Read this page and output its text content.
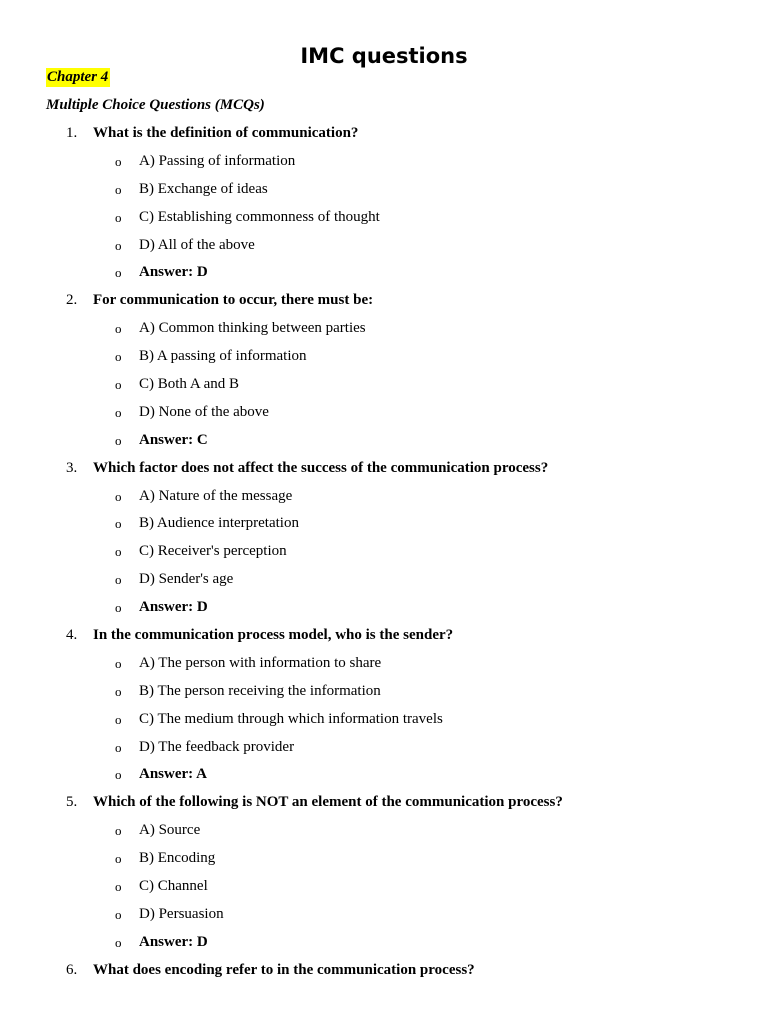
IMC questions
Chapter 4
Multiple Choice Questions (MCQs)
1.	What is the definition of communication?
o A) Passing of information
o B) Exchange of ideas
o C) Establishing commonness of thought
o D) All of the above
o Answer: D
2.	For communication to occur, there must be:
o A) Common thinking between parties
o B) A passing of information
o C) Both A and B
o D) None of the above
o Answer: C
3.	Which factor does not affect the success of the communication process?
o A) Nature of the message
o B) Audience interpretation
o C) Receiver's perception
o D) Sender's age
o Answer: D
4.	In the communication process model, who is the sender?
o A) The person with information to share
o B) The person receiving the information
o C) The medium through which information travels
o D) The feedback provider
o Answer: A
5.	Which of the following is NOT an element of the communication process?
o A) Source
o B) Encoding
o C) Channel
o D) Persuasion
o Answer: D
6.	What does encoding refer to in the communication process?
